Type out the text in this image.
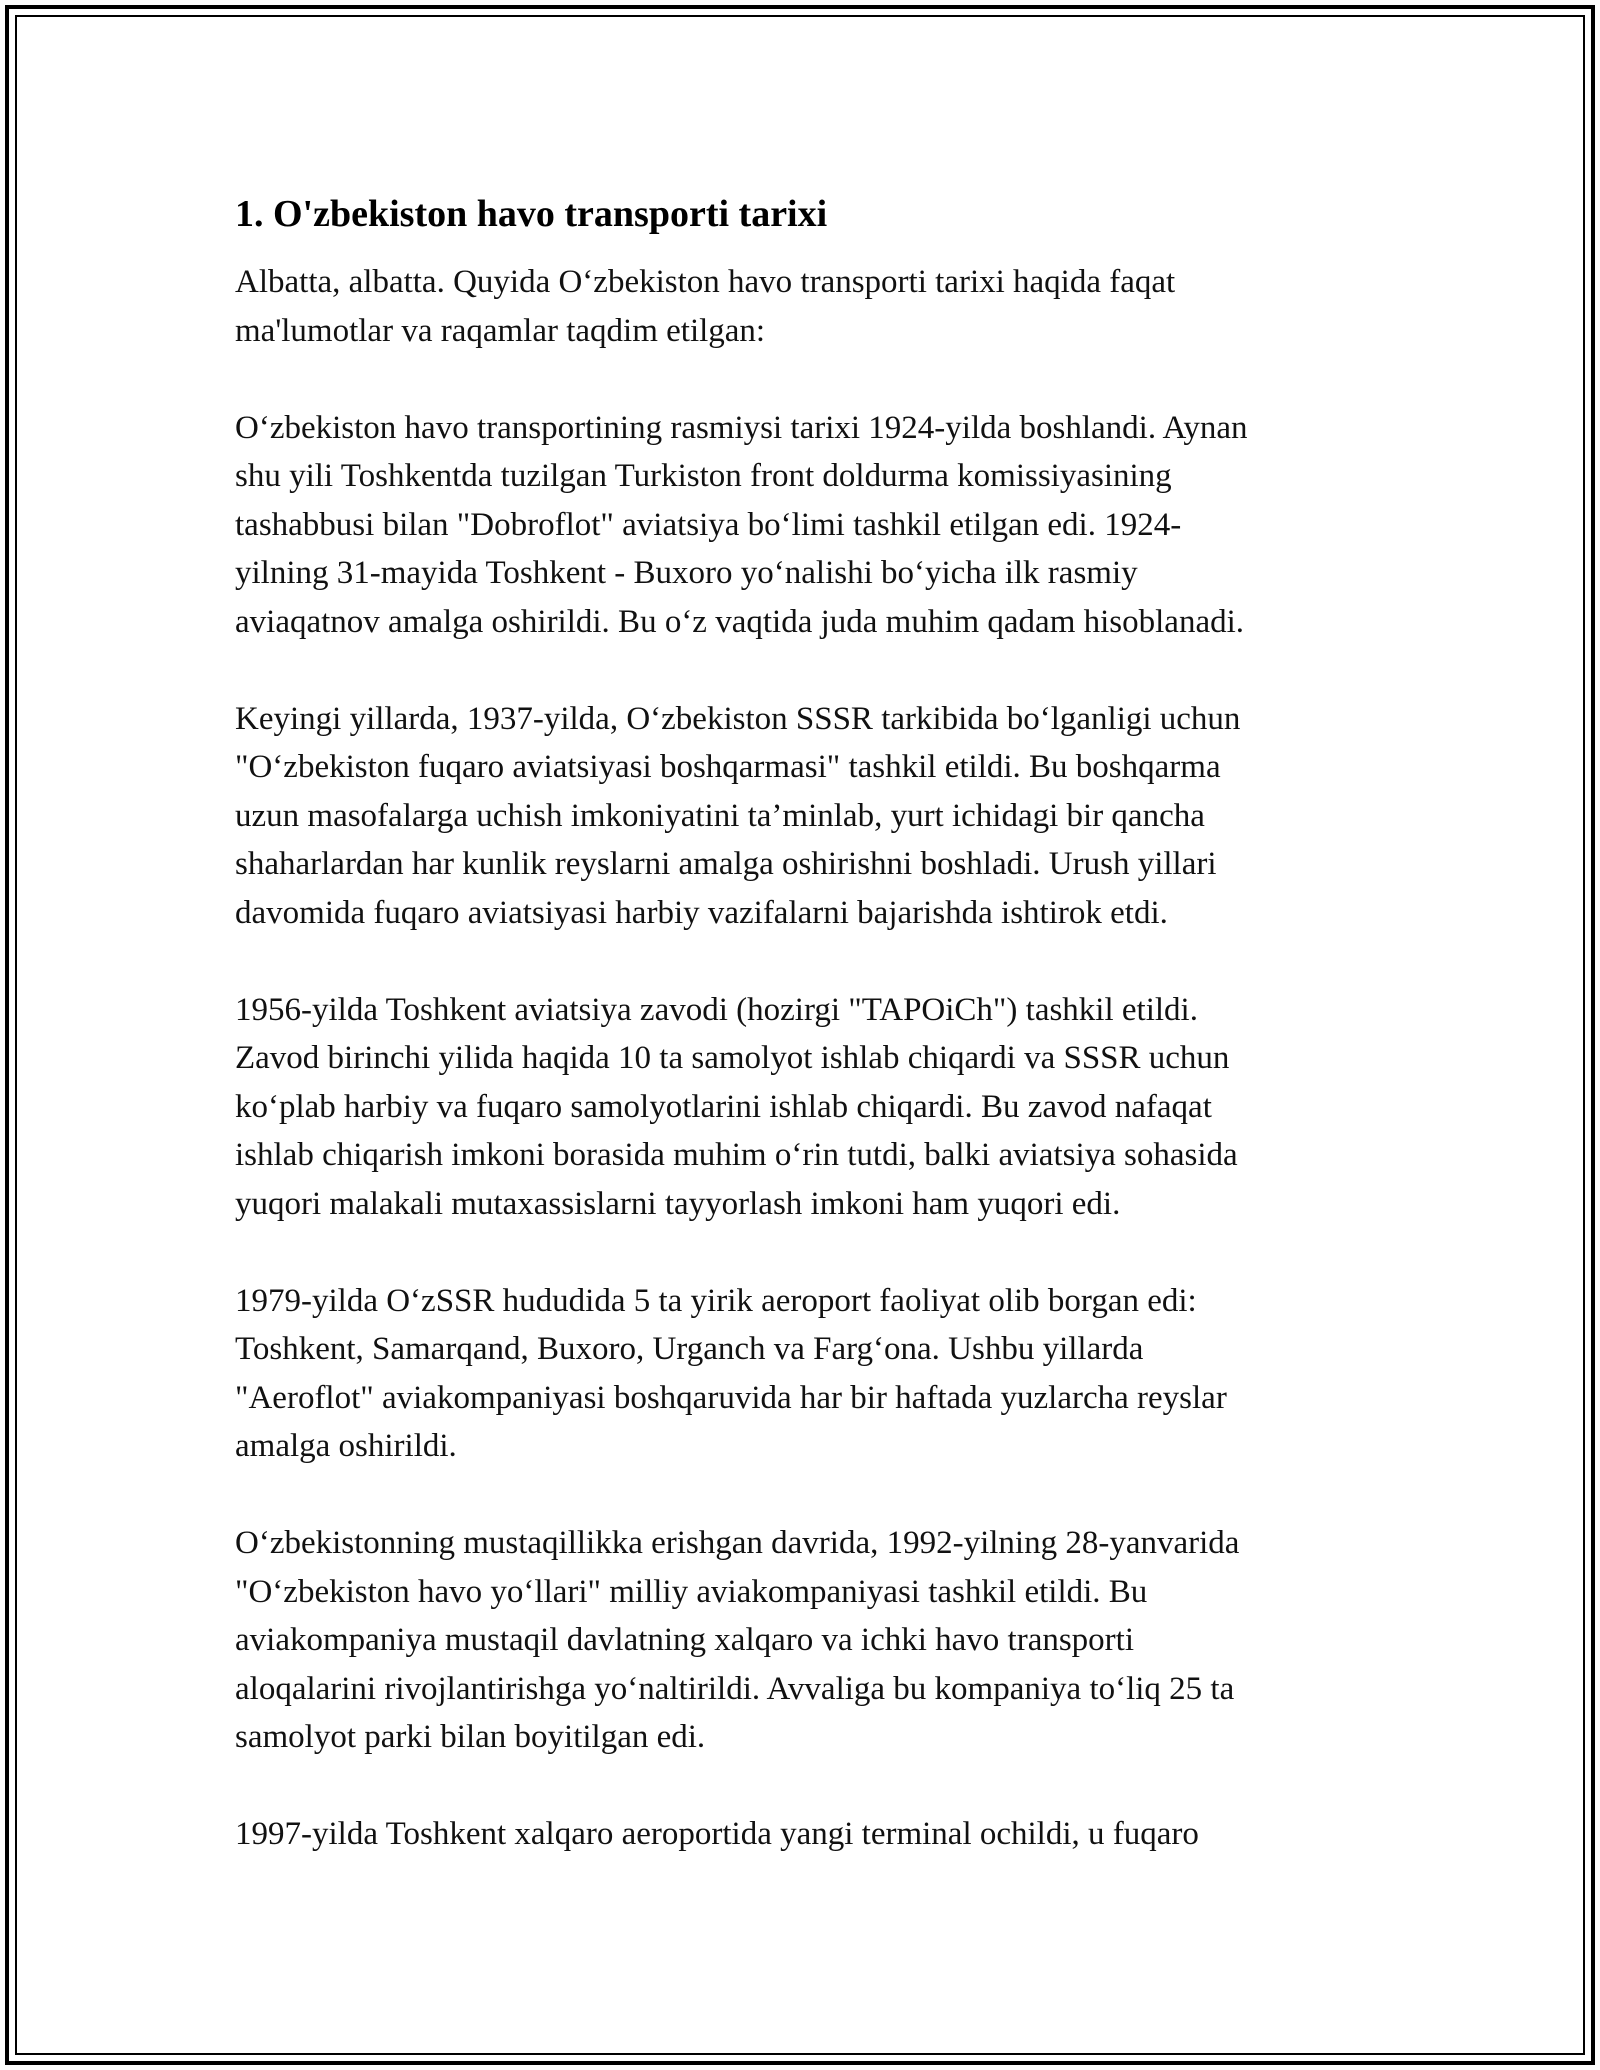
1. O'zbekiston havo transporti tarixi

Albatta, albatta. Quyida O‘zbekiston havo transporti tarixi haqida faqat
ma'lumotlar va raqamlar taqdim etilgan:

O‘zbekiston havo transportining rasmiysi tarixi 1924-yilda boshlandi. Aynan
shu yili Toshkentda tuzilgan Turkiston front doldurma komissiyasining
tashabbusi bilan "Dobroflot" aviatsiya bo‘limi tashkil etilgan edi. 1924-
yilning 31-mayida Toshkent - Buxoro yo‘nalishi bo‘yicha ilk rasmiy
aviaqatnov amalga oshirildi. Bu o‘z vaqtida juda muhim qadam hisoblanadi.

Keyingi yillarda, 1937-yilda, O‘zbekiston SSSR tarkibida bo‘lganligi uchun
"O‘zbekiston fuqaro aviatsiyasi boshqarmasi" tashkil etildi. Bu boshqarma
uzun masofalarga uchish imkoniyatini ta’minlab, yurt ichidagi bir qancha
shaharlardan har kunlik reyslarni amalga oshirishni boshladi. Urush yillari
davomida fuqaro aviatsiyasi harbiy vazifalarni bajarishda ishtirok etdi.

1956-yilda Toshkent aviatsiya zavodi (hozirgi "TAPOiCh") tashkil etildi.
Zavod birinchi yilida haqida 10 ta samolyot ishlab chiqardi va SSSR uchun
ko‘plab harbiy va fuqaro samolyotlarini ishlab chiqardi. Bu zavod nafaqat
ishlab chiqarish imkoni borasida muhim o‘rin tutdi, balki aviatsiya sohasida
yuqori malakali mutaxassislarni tayyorlash imkoni ham yuqori edi.

1979-yilda O‘zSSR hududida 5 ta yirik aeroport faoliyat olib borgan edi:
Toshkent, Samarqand, Buxoro, Urganch va Farg‘ona. Ushbu yillarda
"Aeroflot" aviakompaniyasi boshqaruvida har bir haftada yuzlarcha reyslar
amalga oshirildi.

O‘zbekistonning mustaqillikka erishgan davrida, 1992-yilning 28-yanvarida
"O‘zbekiston havo yo‘llari" milliy aviakompaniyasi tashkil etildi. Bu
aviakompaniya mustaqil davlatning xalqaro va ichki havo transporti
aloqalarini rivojlantirishga yo‘naltirildi. Avvaliga bu kompaniya to‘liq 25 ta
samolyot parki bilan boyitilgan edi.

1997-yilda Toshkent xalqaro aeroportida yangi terminal ochildi, u fuqaro
